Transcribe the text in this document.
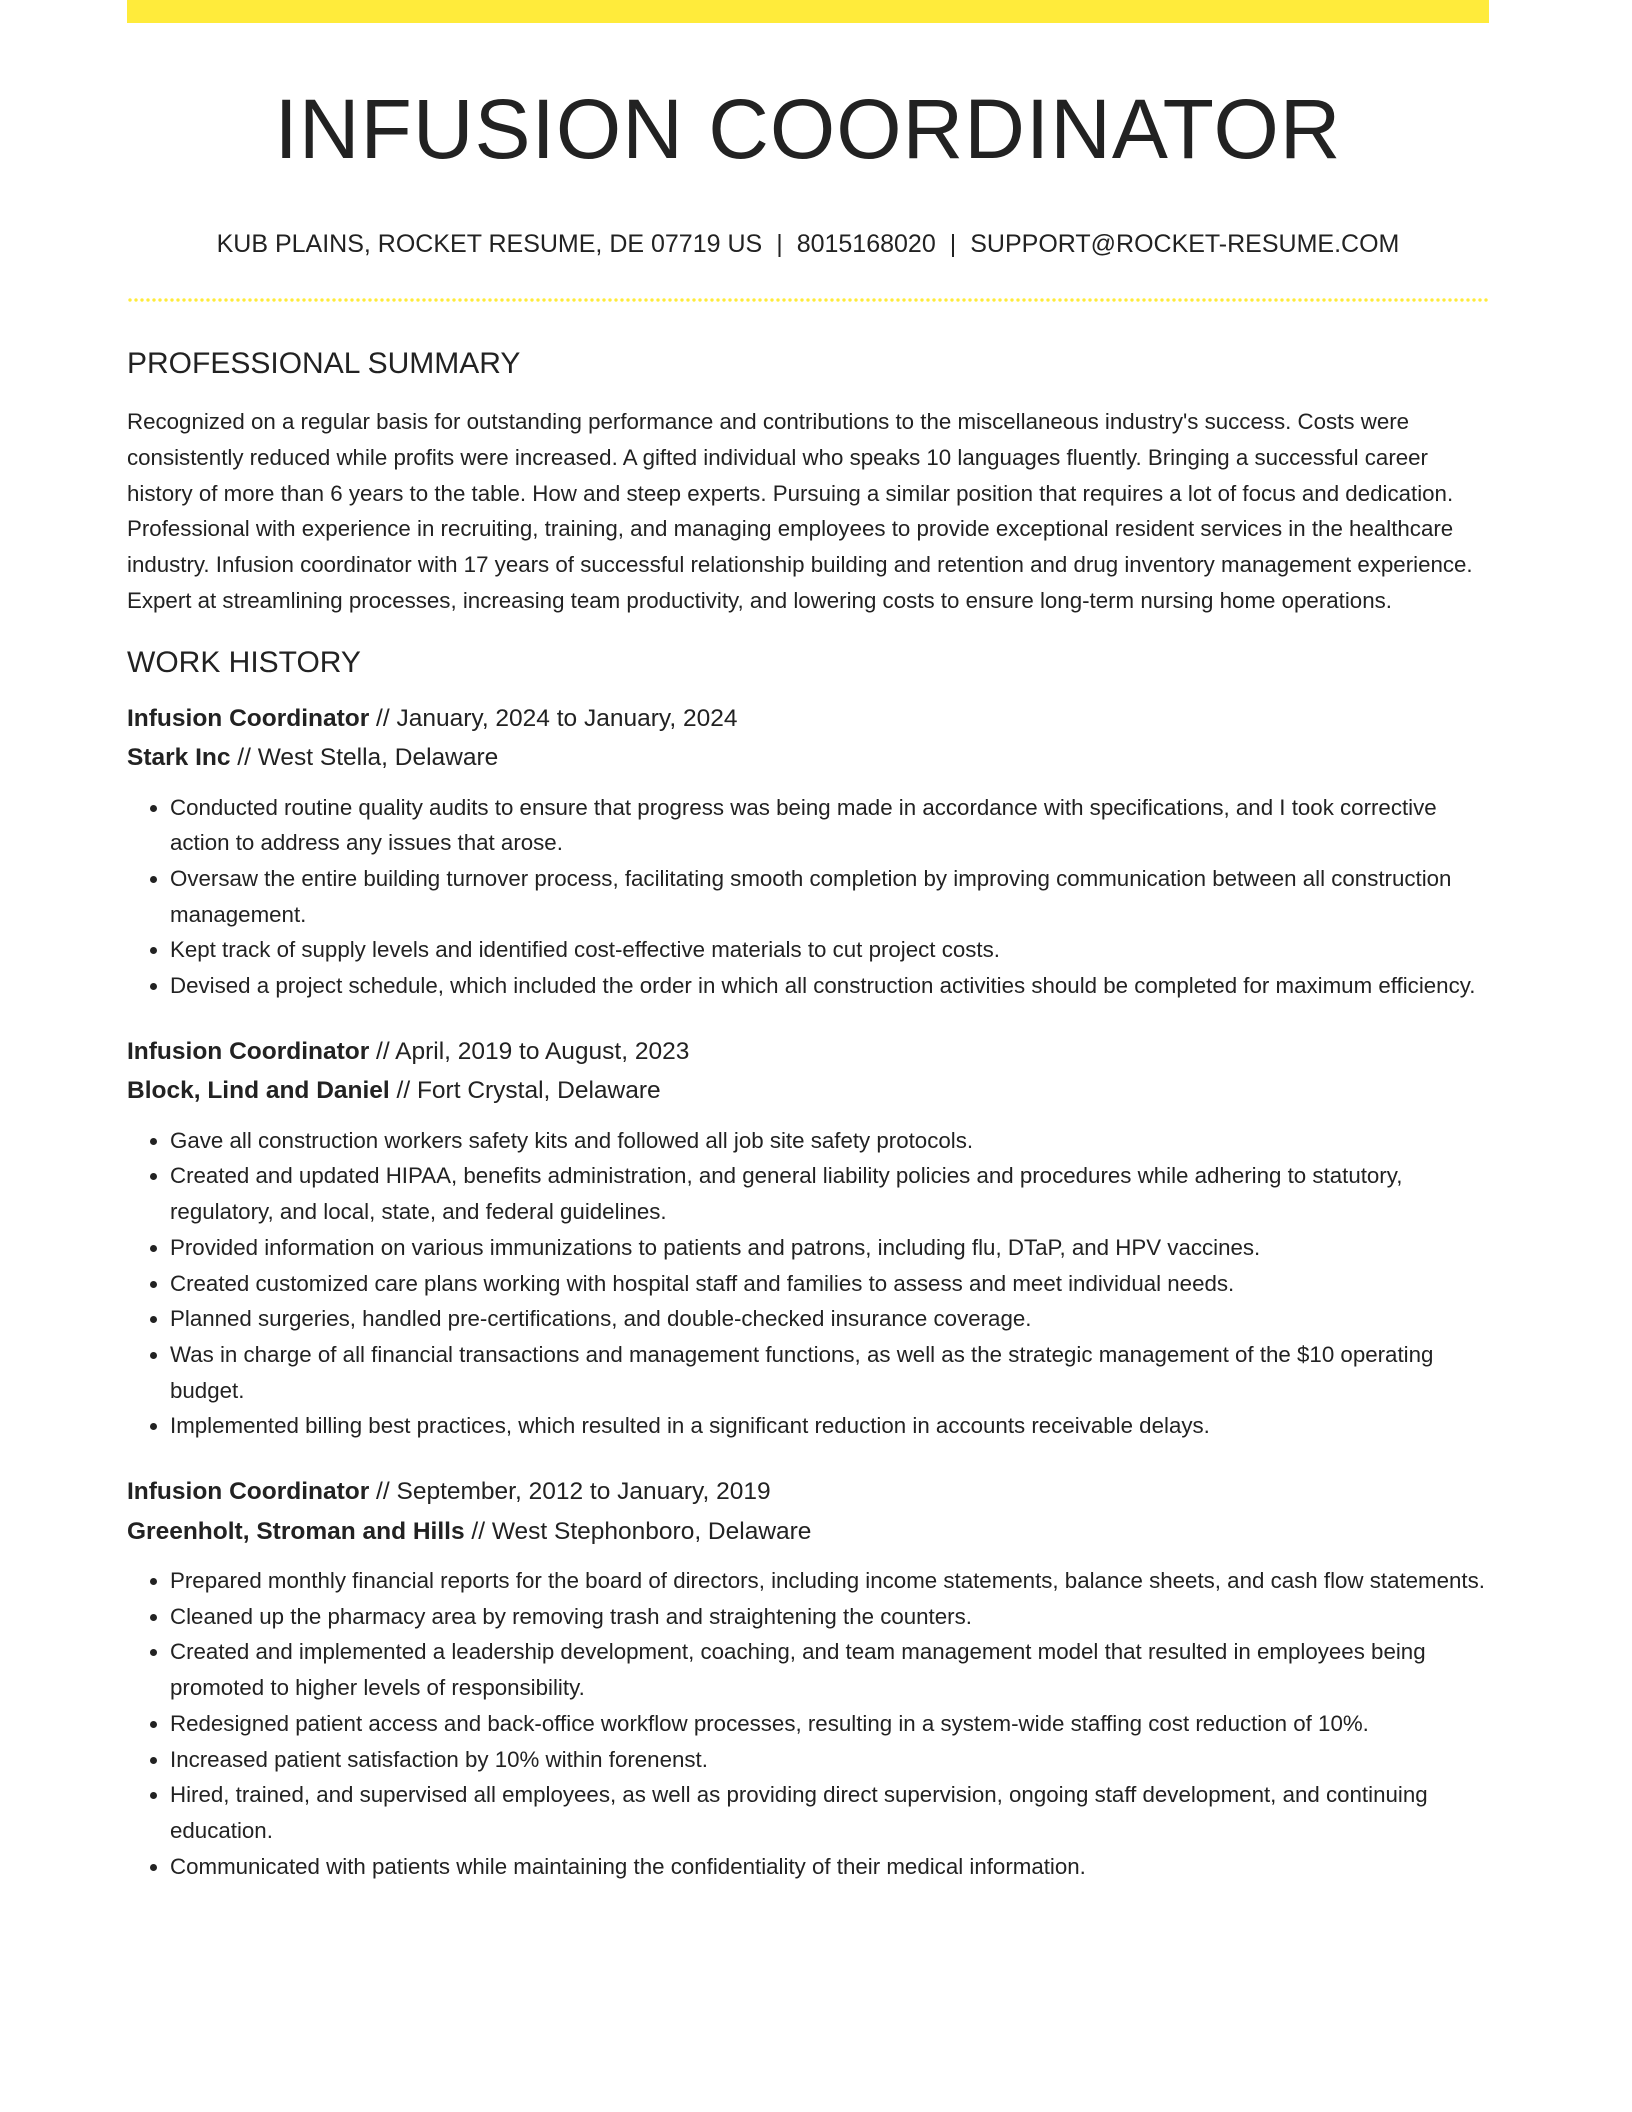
INFUSION COORDINATOR
KUB PLAINS, ROCKET RESUME, DE 07719 US | 8015168020 | SUPPORT@ROCKET-RESUME.COM
PROFESSIONAL SUMMARY

Recognized on a regular basis for outstanding performance and contributions to the miscellaneous industry's success. Costs were consistently reduced while profits were increased. A gifted individual who speaks 10 languages fluently. Bringing a successful career history of more than 6 years to the table. How and steep experts. Pursuing a similar position that requires a lot of focus and dedication. Professional with experience in recruiting, training, and managing employees to provide exceptional resident services in the healthcare industry. Infusion coordinator with 17 years of successful relationship building and retention and drug inventory management experience. Expert at streamlining processes, increasing team productivity, and lowering costs to ensure long-term nursing home operations.

WORK HISTORY
Infusion Coordinator // January, 2024 to January, 2024
Stark Inc // West Stella, Delaware
• Conducted routine quality audits to ensure that progress was being made in accordance with specifications, and I took corrective action to address any issues that arose.
• Oversaw the entire building turnover process, facilitating smooth completion by improving communication between all construction management.
• Kept track of supply levels and identified cost-effective materials to cut project costs.
• Devised a project schedule, which included the order in which all construction activities should be completed for maximum efficiency.
Infusion Coordinator // April, 2019 to August, 2023
Block, Lind and Daniel // Fort Crystal, Delaware
• Gave all construction workers safety kits and followed all job site safety protocols.
• Created and updated HIPAA, benefits administration, and general liability policies and procedures while adhering to statutory, regulatory, and local, state, and federal guidelines.
• Provided information on various immunizations to patients and patrons, including flu, DTaP, and HPV vaccines.
• Created customized care plans working with hospital staff and families to assess and meet individual needs.
• Planned surgeries, handled pre-certifications, and double-checked insurance coverage.
• Was in charge of all financial transactions and management functions, as well as the strategic management of the $10 operating budget.
• Implemented billing best practices, which resulted in a significant reduction in accounts receivable delays.
Infusion Coordinator // September, 2012 to January, 2019
Greenholt, Stroman and Hills // West Stephonboro, Delaware
• Prepared monthly financial reports for the board of directors, including income statements, balance sheets, and cash flow statements.
• Cleaned up the pharmacy area by removing trash and straightening the counters.
• Created and implemented a leadership development, coaching, and team management model that resulted in employees being promoted to higher levels of responsibility.
• Redesigned patient access and back-office workflow processes, resulting in a system-wide staffing cost reduction of 10%.
• Increased patient satisfaction by 10% within forenenst.
• Hired, trained, and supervised all employees, as well as providing direct supervision, ongoing staff development, and continuing education.
• Communicated with patients while maintaining the confidentiality of their medical information.
